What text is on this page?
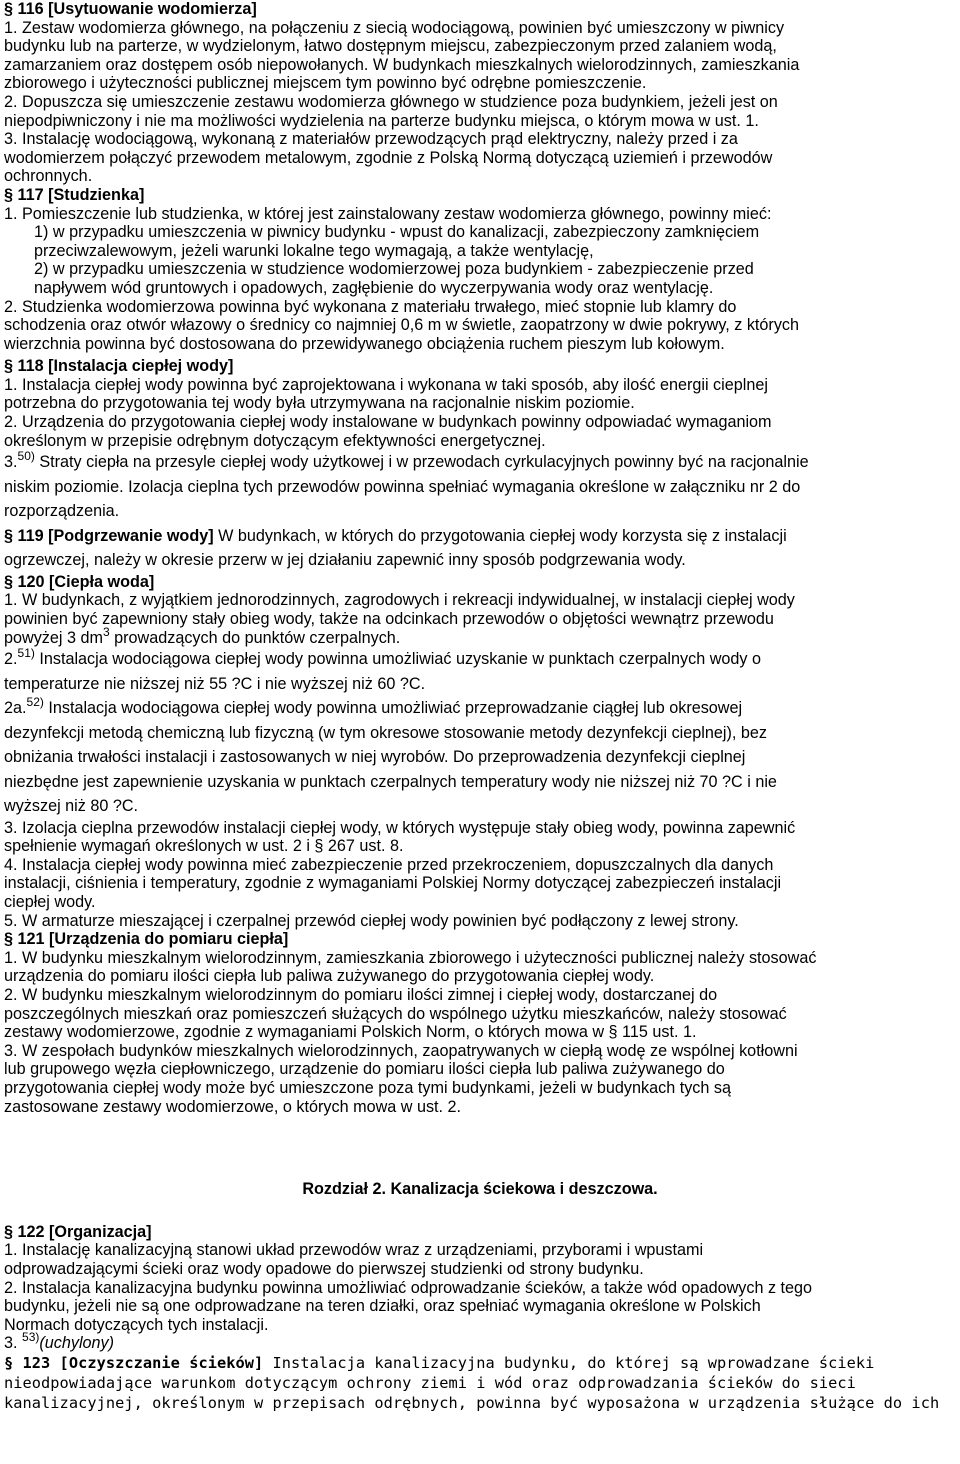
§ 116 [Usytuowanie wodomierza]
1. Zestaw wodomierza głównego, na połączeniu z siecią wodociągową, powinien być umieszczony w piwnicy
budynku lub na parterze, w wydzielonym, łatwo dostępnym miejscu, zabezpieczonym przed zalaniem wodą,
zamarzaniem oraz dostępem osób niepowołanych. W budynkach mieszkalnych wielorodzinnych, zamieszkania
zbiorowego i użyteczności publicznej miejscem tym powinno być odrębne pomieszczenie.
2. Dopuszcza się umieszczenie zestawu wodomierza głównego w studzience poza budynkiem, jeżeli jest on
niepodpiwniczony i nie ma możliwości wydzielenia na parterze budynku miejsca, o którym mowa w ust. 1.
3. Instalację wodociągową, wykonaną z materiałów przewodzących prąd elektryczny, należy przed i za
wodomierzem połączyć przewodem metalowym, zgodnie z Polską Normą dotyczącą uziemień i przewodów
ochronnych.
§ 117 [Studzienka]
1. Pomieszczenie lub studzienka, w której jest zainstalowany zestaw wodomierza głównego, powinny mieć:
1) w przypadku umieszczenia w piwnicy budynku - wpust do kanalizacji, zabezpieczony zamknięciem
przeciwzalewowym, jeżeli warunki lokalne tego wymagają, a także wentylację,
2) w przypadku umieszczenia w studzience wodomierzowej poza budynkiem - zabezpieczenie przed
napływem wód gruntowych i opadowych, zagłębienie do wyczerpywania wody oraz wentylację.
2. Studzienka wodomierzowa powinna być wykonana z materiału trwałego, mieć stopnie lub klamry do
schodzenia oraz otwór włazowy o średnicy co najmniej 0,6 m w świetle, zaopatrzony w dwie pokrywy, z których
wierzchnia powinna być dostosowana do przewidywanego obciążenia ruchem pieszym lub kołowym.
§ 118 [Instalacja ciepłej wody]
1. Instalacja ciepłej wody powinna być zaprojektowana i wykonana w taki sposób, aby ilość energii cieplnej
potrzebna do przygotowania tej wody była utrzymywana na racjonalnie niskim poziomie.
2. Urządzenia do przygotowania ciepłej wody instalowane w budynkach powinny odpowiadać wymaganiom
określonym w przepisie odrębnym dotyczącym efektywności energetycznej.
3.$^{50)}$ Straty ciepła na przesyle ciepłej wody użytkowej i w przewodach cyrkulacyjnych powinny być na racjonalnie
niskim poziomie. Izolacja cieplna tych przewodów powinna spełniać wymagania określone w załączniku nr 2 do
rozporządzenia.
§ 119 [Podgrzewanie wody] W budynkach, w których do przygotowania ciepłej wody korzysta się z instalacji
ogrzewczej, należy w okresie przerw w jej działaniu zapewnić inny sposób podgrzewania wody.
§ 120 [Ciepła woda]
1. W budynkach, z wyjątkiem jednorodzinnych, zagrodowych i rekreacji indywidualnej, w instalacji ciepłej wody
powinien być zapewniony stały obieg wody, także na odcinkach przewodów o objętości wewnątrz przewodu
powyżej 3 $dm^3$ prowadzących do punktów czerpalnych.
2.$^{51)}$ Instalacja wodociągowa ciepłej wody powinna umożliwiać uzyskanie w punktach czerpalnych wody o
temperaturze nie niższej niż 55 ?C i nie wyższej niż 60 ?C.
2a.$^{52)}$ Instalacja wodociągowa ciepłej wody powinna umożliwiać przeprowadzanie ciągłej lub okresowej
dezynfekcji metodą chemiczną lub fizyczną (w tym okresowe stosowanie metody dezynfekcji cieplnej), bez
obniżania trwałości instalacji i zastosowanych w niej wyrobów. Do przeprowadzenia dezynfekcji cieplnej
niezbędne jest zapewnienie uzyskania w punktach czerpalnych temperatury wody nie niższej niż 70 ?C i nie
wyższej niż 80 ?C.
3. Izolacja cieplna przewodów instalacji ciepłej wody, w których występuje stały obieg wody, powinna zapewnić
spełnienie wymagań określonych w ust. 2 i § 267 ust. 8.
4. Instalacja ciepłej wody powinna mieć zabezpieczenie przed przekroczeniem, dopuszczalnych dla danych
instalacji, ciśnienia i temperatury, zgodnie z wymaganiami Polskiej Normy dotyczącej zabezpieczeń instalacji
ciepłej wody.
5. W armaturze mieszającej i czerpalnej przewód ciepłej wody powinien być podłączony z lewej strony.
§ 121 [Urządzenia do pomiaru ciepła]
1. W budynku mieszkalnym wielorodzinnym, zamieszkania zbiorowego i użyteczności publicznej należy stosować
urządzenia do pomiaru ilości ciepła lub paliwa zużywanego do przygotowania ciepłej wody.
2. W budynku mieszkalnym wielorodzinnym do pomiaru ilości zimnej i ciepłej wody, dostarczanej do
poszczególnych mieszkań oraz pomieszczeń służących do wspólnego użytku mieszkańców, należy stosować
zestawy wodomierzowe, zgodnie z wymaganiami Polskich Norm, o których mowa w § 115 ust. 1.
3. W zespołach budynków mieszkalnych wielorodzinnych, zaopatrywanych w ciepłą wodę ze wspólnej kotłowni
lub grupowego węzła ciepłowniczego, urządzenie do pomiaru ilości ciepła lub paliwa zużywanego do
przygotowania ciepłej wody może być umieszczone poza tymi budynkami, jeżeli w budynkach tych są
zastosowane zestawy wodomierzowe, o których mowa w ust. 2.
Rozdział 2. Kanalizacja ściekowa i deszczowa.
§ 122 [Organizacja]
1. Instalację kanalizacyjną stanowi układ przewodów wraz z urządzeniami, przyborami i wpustami
odprowadzającymi ścieki oraz wody opadowe do pierwszej studzienki od strony budynku.
2. Instalacja kanalizacyjna budynku powinna umożliwiać odprowadzanie ścieków, a także wód opadowych z tego
budynku, jeżeli nie są one odprowadzane na teren działki, oraz spełniać wymagania określone w Polskich
Normach dotyczących tych instalacji.
3. $^{53)}$(uchylony)
§ 123 [Oczyszczanie ścieków] Instalacja kanalizacyjna budynku, do której są wprowadzane ścieki
nieodpowiadające warunkom dotyczącym ochrony ziemi i wód oraz odprowadzania ścieków do sieci
kanalizacyjnej, określonym w przepisach odrębnych, powinna być wyposażona w urządzenia służące do ich
